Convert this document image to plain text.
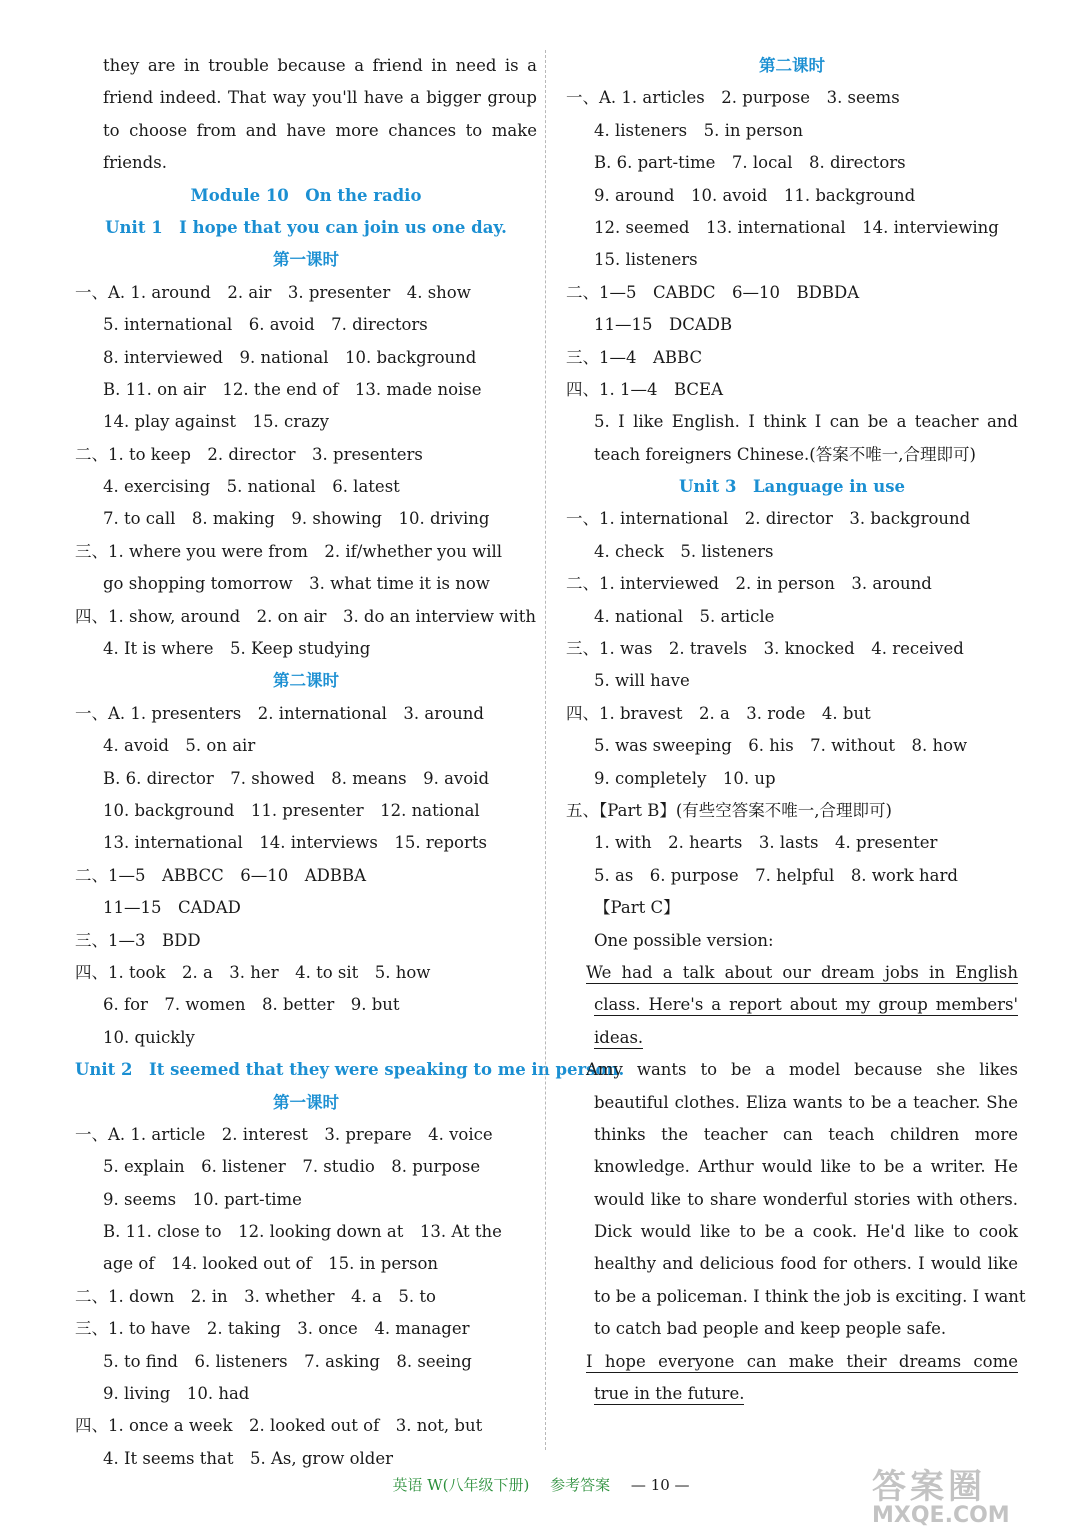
they are in trouble because a friend in need is a
friend indeed. That way you'll have a bigger group
to choose from and have more chances to make
friends.
Module 10　On the radio
Unit 1　I hope that you can join us one day.
第一课时
一、A. 1. around　2. air　3. presenter　4. show
5. international　6. avoid　7. directors
8. interviewed　9. national　10. background
B. 11. on air　12. the end of　13. made noise
14. play against　15. crazy
二、1. to keep　2. director　3. presenters
4. exercising　5. national　6. latest
7. to call　8. making　9. showing　10. driving
三、1. where you were from　2. if/whether you will
go shopping tomorrow　3. what time it is now
四、1. show, around　2. on air　3. do an interview with
4. It is where　5. Keep studying
第二课时
一、A. 1. presenters　2. international　3. around
4. avoid　5. on air
B. 6. director　7. showed　8. means　9. avoid
10. background　11. presenter　12. national
13. international　14. interviews　15. reports
二、1—5　ABBCC　6—10　ADBBA
11—15　CADAD
三、1—3　BDD
四、1. took　2. a　3. her　4. to sit　5. how
6. for　7. women　8. better　9. but
10. quickly
Unit 2　It seemed that they were speaking to me in person.
第一课时
一、A. 1. article　2. interest　3. prepare　4. voice
5. explain　6. listener　7. studio　8. purpose
9. seems　10. part-time
B. 11. close to　12. looking down at　13. At the
age of　14. looked out of　15. in person
二、1. down　2. in　3. whether　4. a　5. to
三、1. to have　2. taking　3. once　4. manager
5. to find　6. listeners　7. asking　8. seeing
9. living　10. had
四、1. once a week　2. looked out of　3. not, but
4. It seems that　5. As, grow older
第二课时
一、A. 1. articles　2. purpose　3. seems
4. listeners　5. in person
B. 6. part-time　7. local　8. directors
9. around　10. avoid　11. background
12. seemed　13. international　14. interviewing
15. listeners
二、1—5　CABDC　6—10　BDBDA
11—15　DCADB
三、1—4　ABBC
四、1. 1—4　BCEA
5. I like English. I think I can be a teacher and
teach foreigners Chinese.(答案不唯一,合理即可)
Unit 3　Language in use
一、1. international　2. director　3. background
4. check　5. listeners
二、1. interviewed　2. in person　3. around
4. national　5. article
三、1. was　2. travels　3. knocked　4. received
5. will have
四、1. bravest　2. a　3. rode　4. but
5. was sweeping　6. his　7. without　8. how
9. completely　10. up
五、【Part B】(有些空答案不唯一,合理即可)
1. with　2. hearts　3. lasts　4. presenter
5. as　6. purpose　7. helpful　8. work hard
【Part C】
One possible version:
We had a talk about our dream jobs in English
class. Here's a report about my group members'
ideas.
Amy wants to be a model because she likes
beautiful clothes. Eliza wants to be a teacher. She
thinks the teacher can teach children more
knowledge. Arthur would like to be a writer. He
would like to share wonderful stories with others.
Dick would like to be a cook. He'd like to cook
healthy and delicious food for others. I would like
to be a policeman. I think the job is exciting. I want
to catch bad people and keep people safe.
I hope everyone can make their dreams come
true in the future.
英语 W(八年级下册) 参考答案 — 10 —	答案圈
MXQE.COM
